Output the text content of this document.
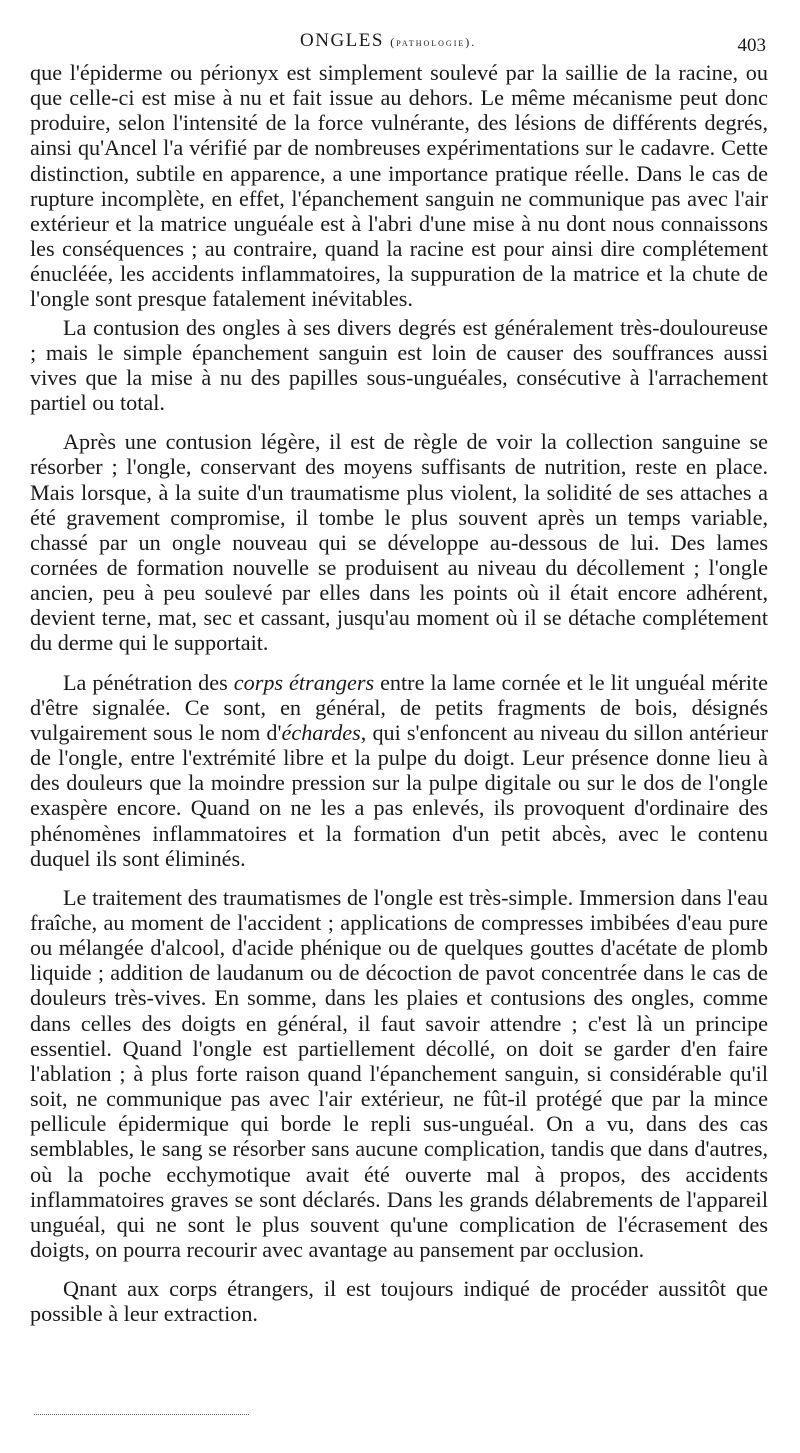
ONGLES (pathologie).	403

que l'épiderme ou périonyx est simplement soulevé par la saillie de la racine, ou que celle-ci est mise à nu et fait issue au dehors. Le même mécanisme peut donc produire, selon l'intensité de la force vulnérante, des lésions de différents degrés, ainsi qu'Ancel l'a vérifié par de nombreuses expérimentations sur le cadavre. Cette distinction, subtile en apparence, a une importance pratique réelle. Dans le cas de rupture incomplète, en effet, l'épanchement sanguin ne communique pas avec l'air extérieur et la matrice unguéale est à l'abri d'une mise à nu dont nous connaissons les conséquences ; au contraire, quand la racine est pour ainsi dire complétement énucléée, les accidents inflammatoires, la suppuration de la matrice et la chute de l'ongle sont presque fatalement inévitables.

La contusion des ongles à ses divers degrés est généralement très-douloureuse ; mais le simple épanchement sanguin est loin de causer des souffrances aussi vives que la mise à nu des papilles sous-unguéales, consécutive à l'arrachement partiel ou total.

Après une contusion légère, il est de règle de voir la collection sanguine se résorber ; l'ongle, conservant des moyens suffisants de nutrition, reste en place. Mais lorsque, à la suite d'un traumatisme plus violent, la solidité de ses attaches a été gravement compromise, il tombe le plus souvent après un temps variable, chassé par un ongle nouveau qui se développe au-dessous de lui. Des lames cornées de formation nouvelle se produisent au niveau du décollement ; l'ongle ancien, peu à peu soulevé par elles dans les points où il était encore adhérent, devient terne, mat, sec et cassant, jusqu'au moment où il se détache complétement du derme qui le supportait.

La pénétration des corps étrangers entre la lame cornée et le lit unguéal mérite d'être signalée. Ce sont, en général, de petits fragments de bois, désignés vulgairement sous le nom d'échardes, qui s'enfoncent au niveau du sillon antérieur de l'ongle, entre l'extrémité libre et la pulpe du doigt. Leur présence donne lieu à des douleurs que la moindre pression sur la pulpe digitale ou sur le dos de l'ongle exaspère encore. Quand on ne les a pas enlevés, ils provoquent d'ordinaire des phénomènes inflammatoires et la formation d'un petit abcès, avec le contenu duquel ils sont éliminés.

Le traitement des traumatismes de l'ongle est très-simple. Immersion dans l'eau fraîche, au moment de l'accident ; applications de compresses imbibées d'eau pure ou mélangée d'alcool, d'acide phénique ou de quelques gouttes d'acétate de plomb liquide ; addition de laudanum ou de décoction de pavot concentrée dans le cas de douleurs très-vives. En somme, dans les plaies et contusions des ongles, comme dans celles des doigts en général, il faut savoir attendre ; c'est là un principe essentiel. Quand l'ongle est partiellement décollé, on doit se garder d'en faire l'ablation ; à plus forte raison quand l'épanchement sanguin, si considérable qu'il soit, ne communique pas avec l'air extérieur, ne fût-il protégé que par la mince pellicule épidermique qui borde le repli sus-unguéal. On a vu, dans des cas semblables, le sang se résorber sans aucune complication, tandis que dans d'autres, où la poche ecchymotique avait été ouverte mal à propos, des accidents inflammatoires graves se sont déclarés. Dans les grands délabrements de l'appareil unguéal, qui ne sont le plus souvent qu'une complication de l'écrasement des doigts, on pourra recourir avec avantage au pansement par occlusion.

Qnant aux corps étrangers, il est toujours indiqué de procéder aussitôt que possible à leur extraction.
